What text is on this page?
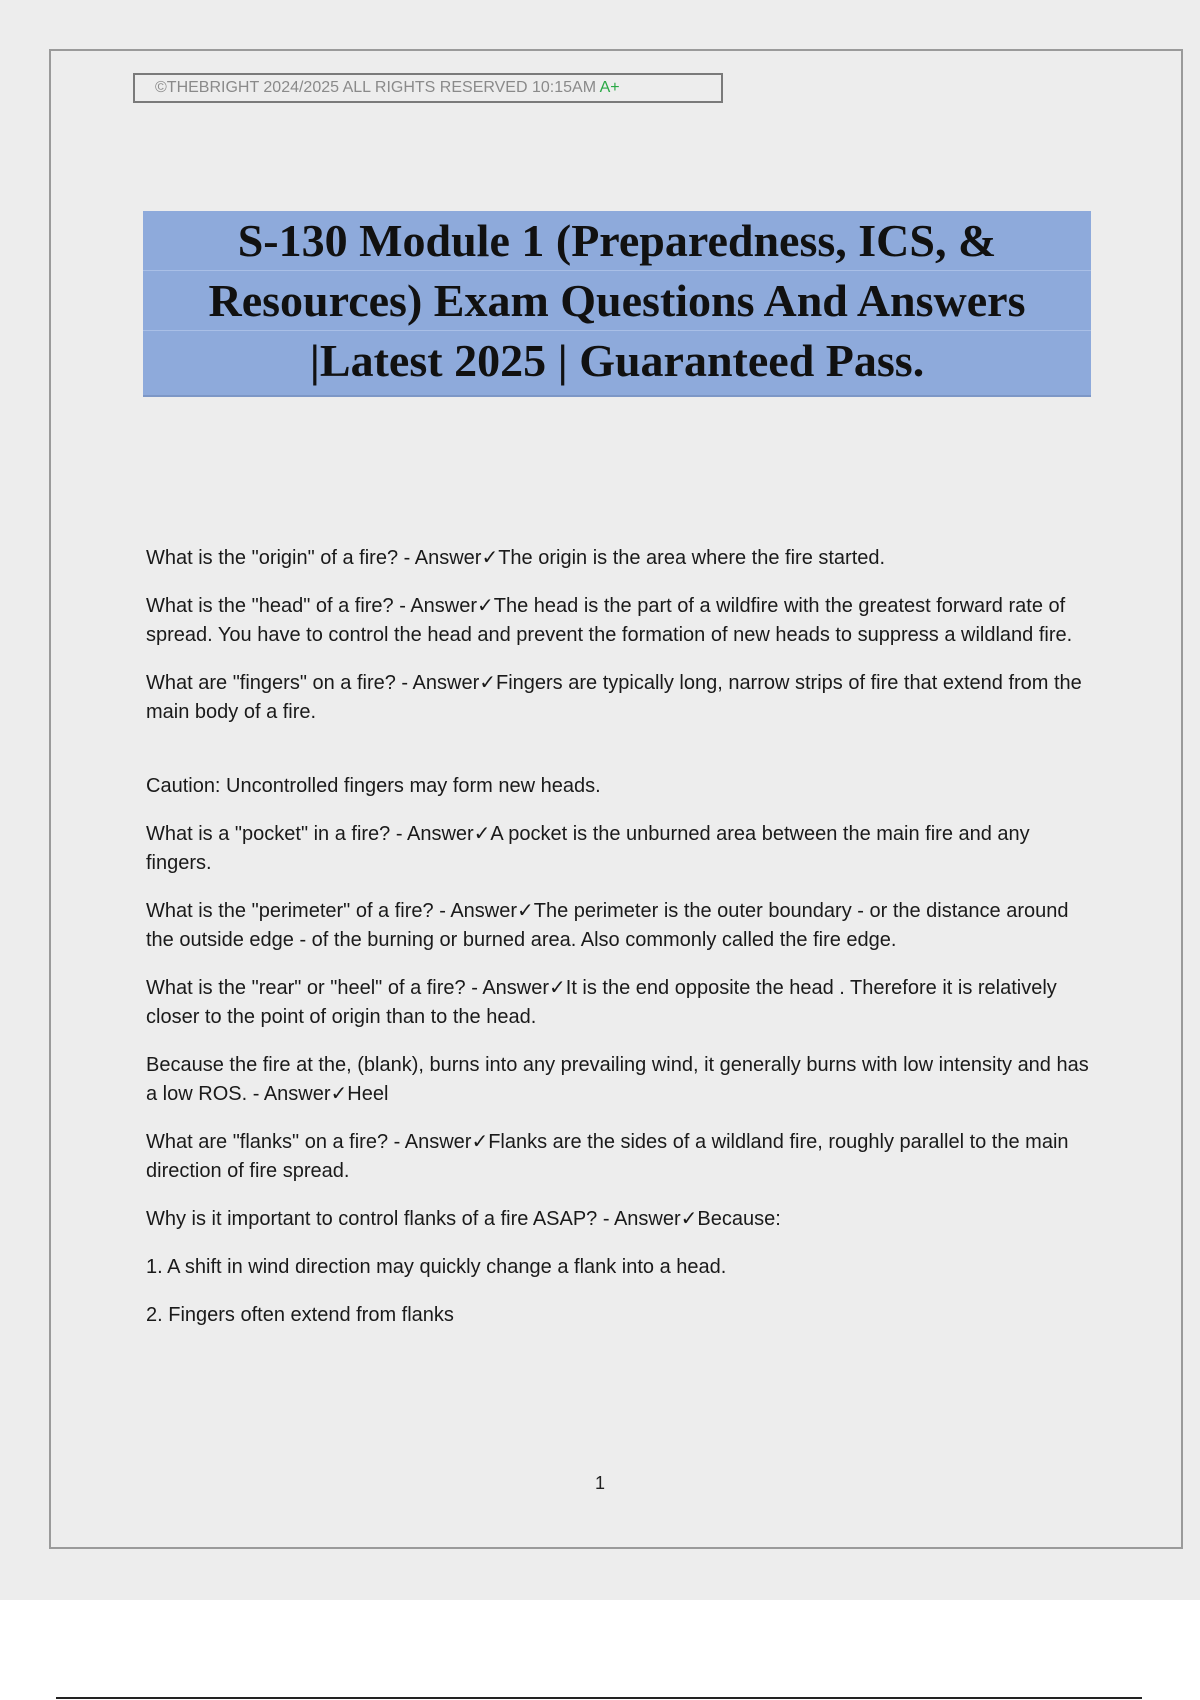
©THEBRIGHT 2024/2025 ALL RIGHTS RESERVED 10:15AM A+
S-130 Module 1 (Preparedness, ICS, &
Resources) Exam Questions And Answers
|Latest 2025 | Guaranteed Pass.

What is the "origin" of a fire? - Answer✓The origin is the area where the fire started.

What is the "head" of a fire? - Answer✓The head is the part of a wildfire with the greatest forward rate of spread. You have to control the head and prevent the formation of new heads to suppress a wildland fire.

What are "fingers" on a fire? - Answer✓Fingers are typically long, narrow strips of fire that extend from the main body of a fire.

Caution: Uncontrolled fingers may form new heads.

What is a "pocket" in a fire? - Answer✓A pocket is the unburned area between the main fire and any fingers.

What is the "perimeter" of a fire? - Answer✓The perimeter is the outer boundary - or the distance around the outside edge - of the burning or burned area. Also commonly called the fire edge.

What is the "rear" or "heel" of a fire? - Answer✓It is the end opposite the head . Therefore it is relatively closer to the point of origin than to the head.

Because the fire at the, (blank), burns into any prevailing wind, it generally burns with low intensity and has a low ROS. - Answer✓Heel

What are "flanks" on a fire? - Answer✓Flanks are the sides of a wildland fire, roughly parallel to the main direction of fire spread.

Why is it important to control flanks of a fire ASAP? - Answer✓Because:

1. A shift in wind direction may quickly change a flank into a head.

2. Fingers often extend from flanks

1
